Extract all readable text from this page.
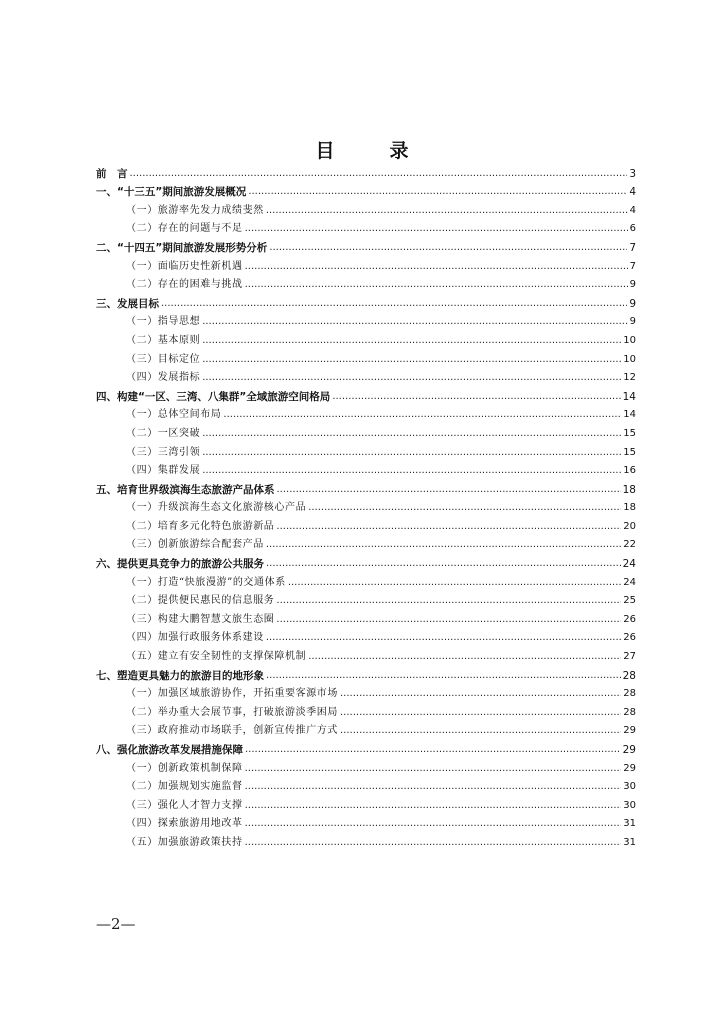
目　录
前　言 .....	3
一、“十三五”期间旅游发展概况 .....	4
（一）旅游率先发力成绩斐然 .....	4
（二）存在的问题与不足 .....	6
二、“十四五”期间旅游发展形势分析 .....	7
（一）面临历史性新机遇 .....	7
（二）存在的困难与挑战 .....	9
三、发展目标 .....	9
（一）指导思想 .....	9
（二）基本原则 .....	10
（三）目标定位 .....	10
（四）发展指标 .....	12
四、构建“一区、三湾、八集群”全域旅游空间格局 .....	14
（一）总体空间布局 .....	14
（二）一区突破 .....	15
（三）三湾引领 .....	15
（四）集群发展 .....	16
五、培育世界级滨海生态旅游产品体系 .....	18
（一）升级滨海生态文化旅游核心产品 .....	18
（二）培育多元化特色旅游新品 .....	20
（三）创新旅游综合配套产品 .....	22
六、提供更具竞争力的旅游公共服务 .....	24
（一）打造“快旅漫游”的交通体系 .....	24
（二）提供便民惠民的信息服务 .....	25
（三）构建大鹏智慧文旅生态圈 .....	26
（四）加强行政服务体系建设 .....	26
（五）建立有安全韧性的支撑保障机制 .....	27
七、塑造更具魅力的旅游目的地形象 .....	28
（一）加强区域旅游协作，开拓重要客源市场 .....	28
（二）举办重大会展节事，打破旅游淡季困局 .....	28
（三）政府推动市场联手，创新宣传推广方式 .....	29
八、强化旅游改革发展措施保障 .....	29
（一）创新政策机制保障 .....	29
（二）加强规划实施监督 .....	30
（三）强化人才智力支撑 .....	30
（四）探索旅游用地改革 .....	31
（五）加强旅游政策扶持 .....	31
—2—
